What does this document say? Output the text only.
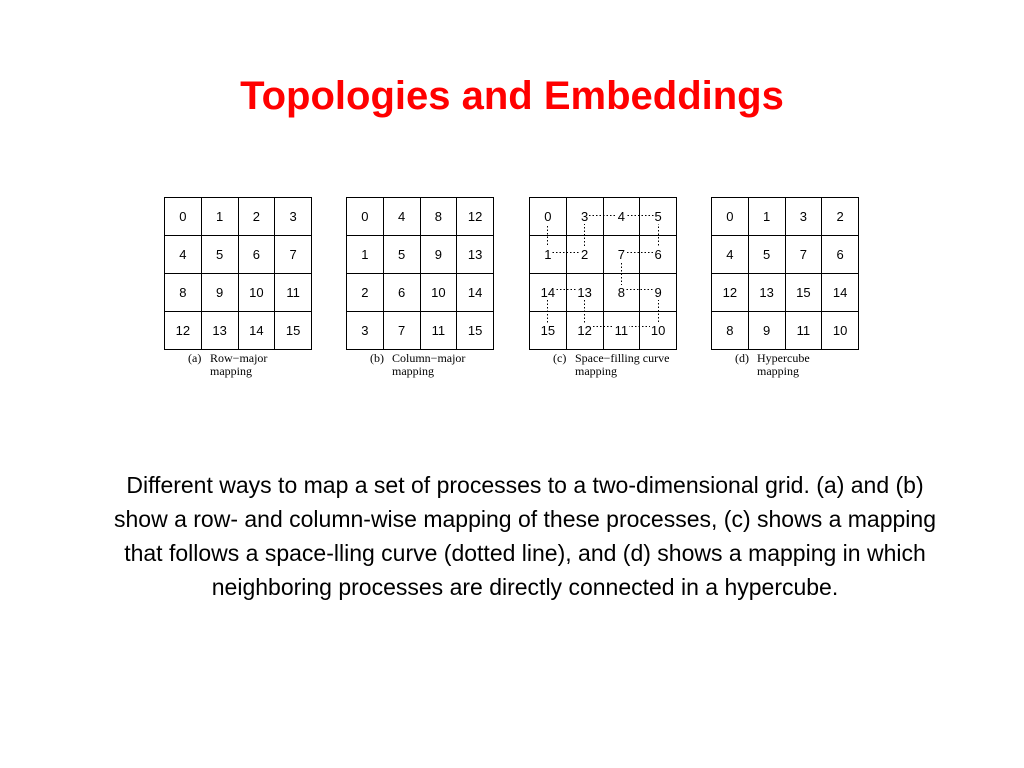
Topologies and Embeddings
0	1	2	3
4	5	6	7
8	9	10	11
12	13	14	15
(a) Row−major
mapping
0	4	8	12
1	5	9	13
2	6	10	14
3	7	11	15
(b) Column−major
mapping
0	3	4	5
1	2	7	6
14	13	8	9
15	12	11	10
(c) Space−filling curve
mapping
0	1	3	2
4	5	7	6
12	13	15	14
8	9	11	10
(d) Hypercube
mapping

Different ways to map a set of processes to a two-dimensional grid. (a) and (b) show a row- and column-wise mapping of these processes, (c) shows a mapping that follows a space-lling curve (dotted line), and (d) shows a mapping in which neighboring processes are directly connected in a hypercube.
